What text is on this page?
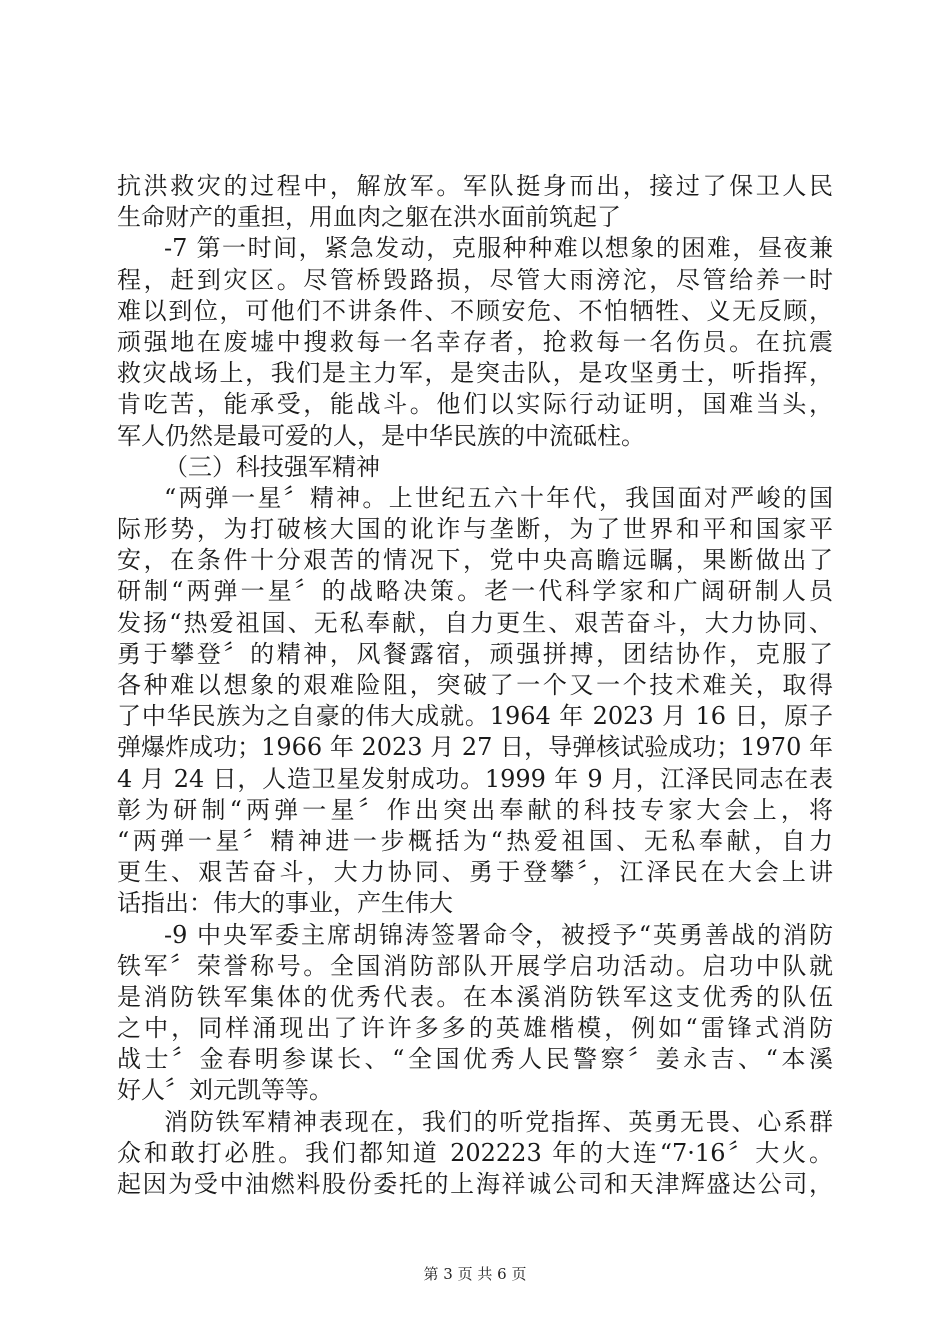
抗洪救灾的过程中，解放军。军队挺身而出，接过了保卫人民
生命财产的重担，用血肉之躯在洪水面前筑起了
-7 第一时间，紧急发动，克服种种难以想象的困难，昼夜兼
程，赶到灾区。尽管桥毁路损，尽管大雨滂沱，尽管给养一时
难以到位，可他们不讲条件、不顾安危、不怕牺牲、义无反顾，
顽强地在废墟中搜救每一名幸存者，抢救每一名伤员。在抗震
救灾战场上，我们是主力军，是突击队，是攻坚勇士，听指挥，
肯吃苦，能承受，能战斗。他们以实际行动证明，国难当头，
军人仍然是最可爱的人，是中华民族的中流砥柱。
（三）科技强军精神
“两弹一星〞精神。上世纪五六十年代，我国面对严峻的国
际形势，为打破核大国的讹诈与垄断，为了世界和平和国家平
安，在条件十分艰苦的情况下，党中央高瞻远瞩，果断做出了
研制“两弹一星〞的战略决策。老一代科学家和广阔研制人员
发扬“热爱祖国、无私奉献，自力更生、艰苦奋斗，大力协同、
勇于攀登〞的精神，风餐露宿，顽强拼搏，团结协作，克服了
各种难以想象的艰难险阻，突破了一个又一个技术难关，取得
了中华民族为之自豪的伟大成就。1964 年 2023 月 16 日，原子
弹爆炸成功；1966 年 2023 月 27 日，导弹核试验成功；1970 年
4 月 24 日，人造卫星发射成功。1999 年 9 月，江泽民同志在表
彰为研制“两弹一星〞作出突出奉献的科技专家大会上，将
“两弹一星〞精神进一步概括为“热爱祖国、无私奉献，自力
更生、艰苦奋斗，大力协同、勇于登攀〞，江泽民在大会上讲
话指出：伟大的事业，产生伟大
-9 中央军委主席胡锦涛签署命令，被授予“英勇善战的消防
铁军〞荣誉称号。全国消防部队开展学启功活动。启功中队就
是消防铁军集体的优秀代表。在本溪消防铁军这支优秀的队伍
之中，同样涌现出了许许多多的英雄楷模，例如“雷锋式消防
战士〞金春明参谋长、“全国优秀人民警察〞姜永吉、“本溪
好人〞刘元凯等等。
消防铁军精神表现在，我们的听党指挥、英勇无畏、心系群
众和敢打必胜。我们都知道 202223 年的大连“7·16〞大火。
起因为受中油燃料股份委托的上海祥诚公司和天津辉盛达公司，
第 3 页 共 6 页
